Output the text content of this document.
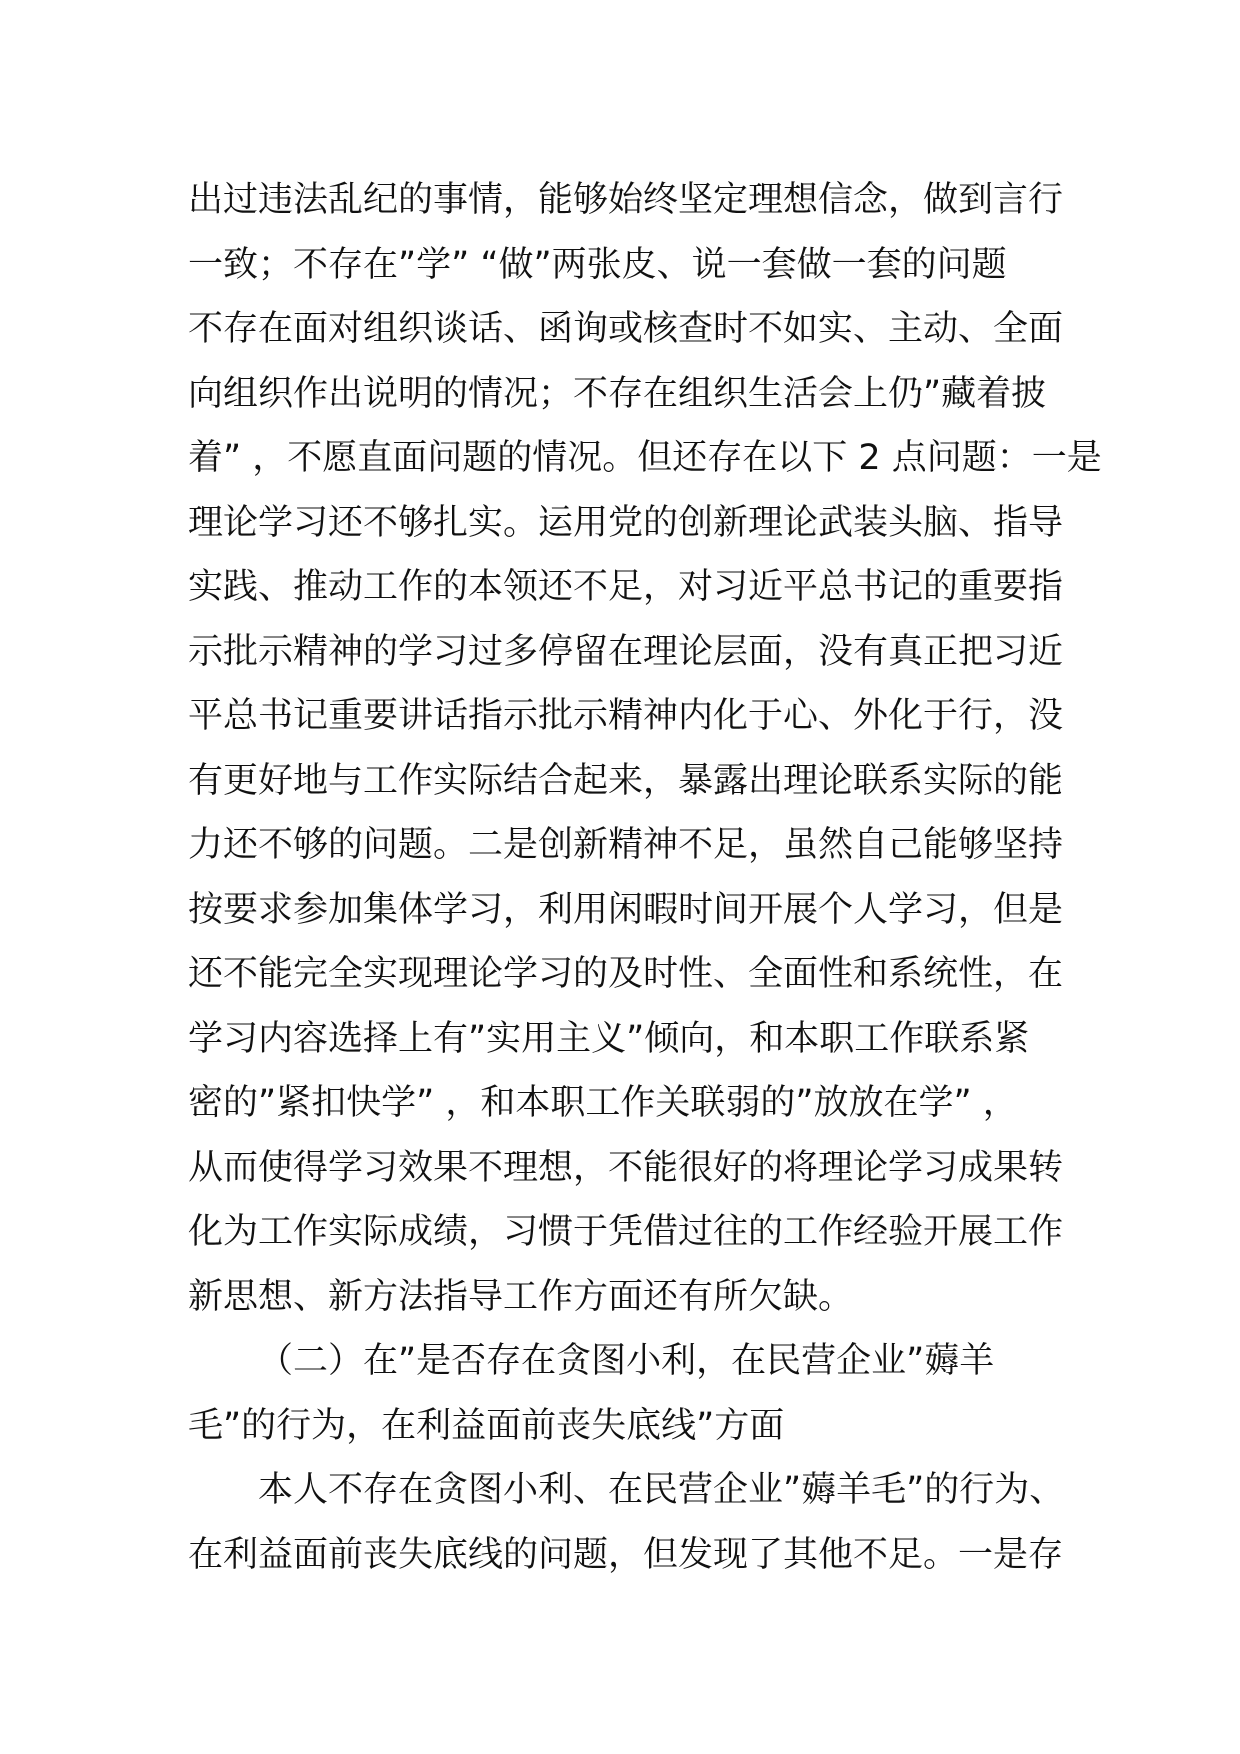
出过违法乱纪的事情，能够始终坚定理想信念，做到言行
一致；不存在”学” “做”两张皮、说一套做一套的问题
不存在面对组织谈话、函询或核查时不如实、主动、全面
向组织作出说明的情况；不存在组织生活会上仍”藏着披
着” ，不愿直面问题的情况。但还存在以下 2 点问题：一是
理论学习还不够扎实。运用党的创新理论武装头脑、指导
实践、推动工作的本领还不足，对习近平总书记的重要指
示批示精神的学习过多停留在理论层面，没有真正把习近
平总书记重要讲话指示批示精神内化于心、外化于行，没
有更好地与工作实际结合起来，暴露出理论联系实际的能
力还不够的问题。二是创新精神不足，虽然自己能够坚持
按要求参加集体学习，利用闲暇时间开展个人学习，但是
还不能完全实现理论学习的及时性、全面性和系统性，在
学习内容选择上有”实用主义”倾向，和本职工作联系紧
密的”紧扣快学” ，和本职工作关联弱的”放放在学” ，
从而使得学习效果不理想，不能很好的将理论学习成果转
化为工作实际成绩，习惯于凭借过往的工作经验开展工作
新思想、新方法指导工作方面还有所欠缺。
（二）在”是否存在贪图小利，在民营企业”薅羊
毛”的行为，在利益面前丧失底线”方面
本人不存在贪图小利、在民营企业”薅羊毛”的行为、
在利益面前丧失底线的问题，但发现了其他不足。一是存
